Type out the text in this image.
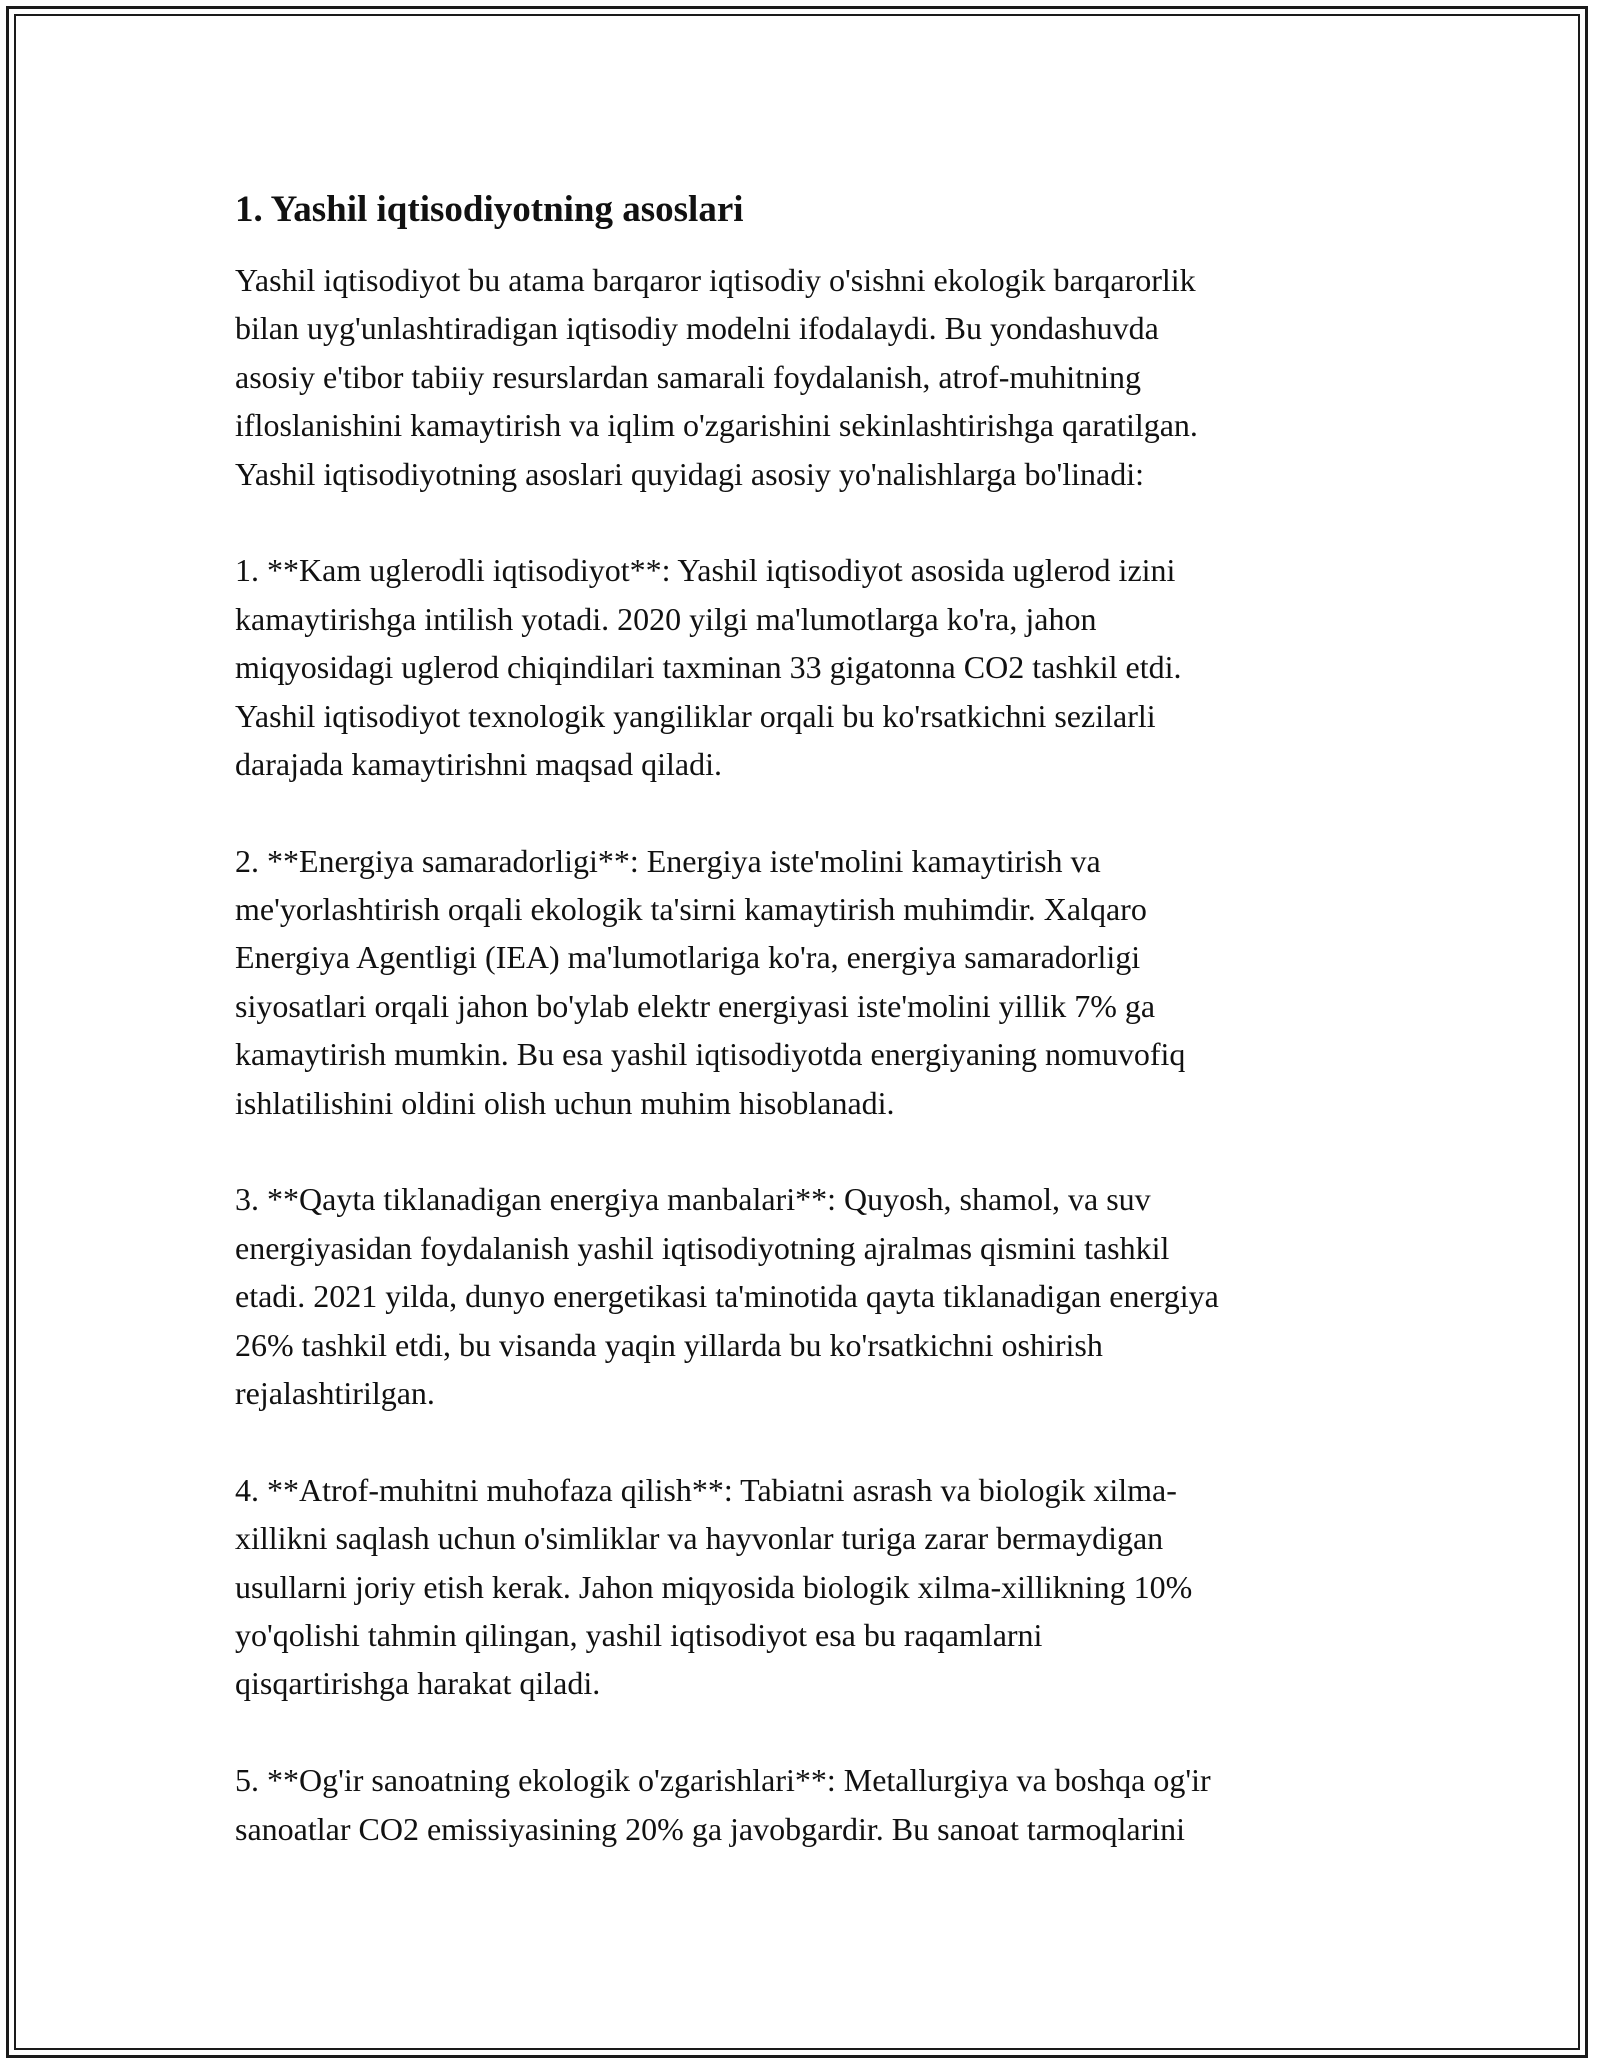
1. Yashil iqtisodiyotning asoslari
Yashil iqtisodiyot bu atama barqaror iqtisodiy o'sishni ekologik barqarorlik
bilan uyg'unlashtiradigan iqtisodiy modelni ifodalaydi. Bu yondashuvda
asosiy e'tibor tabiiy resurslardan samarali foydalanish, atrof-muhitning
ifloslanishini kamaytirish va iqlim o'zgarishini sekinlashtirishga qaratilgan.
Yashil iqtisodiyotning asoslari quyidagi asosiy yo'nalishlarga bo'linadi:
1. **Kam uglerodli iqtisodiyot**: Yashil iqtisodiyot asosida uglerod izini
kamaytirishga intilish yotadi. 2020 yilgi ma'lumotlarga ko'ra, jahon
miqyosidagi uglerod chiqindilari taxminan 33 gigatonna CO2 tashkil etdi.
Yashil iqtisodiyot texnologik yangiliklar orqali bu ko'rsatkichni sezilarli
darajada kamaytirishni maqsad qiladi.
2. **Energiya samaradorligi**: Energiya iste'molini kamaytirish va
me'yorlashtirish orqali ekologik ta'sirni kamaytirish muhimdir. Xalqaro
Energiya Agentligi (IEA) ma'lumotlariga ko'ra, energiya samaradorligi
siyosatlari orqali jahon bo'ylab elektr energiyasi iste'molini yillik 7% ga
kamaytirish mumkin. Bu esa yashil iqtisodiyotda energiyaning nomuvofiq
ishlatilishini oldini olish uchun muhim hisoblanadi.
3. **Qayta tiklanadigan energiya manbalari**: Quyosh, shamol, va suv
energiyasidan foydalanish yashil iqtisodiyotning ajralmas qismini tashkil
etadi. 2021 yilda, dunyo energetikasi ta'minotida qayta tiklanadigan energiya
26% tashkil etdi, bu visanda yaqin yillarda bu ko'rsatkichni oshirish
rejalashtirilgan.
4. **Atrof-muhitni muhofaza qilish**: Tabiatni asrash va biologik xilma-
xillikni saqlash uchun o'simliklar va hayvonlar turiga zarar bermaydigan
usullarni joriy etish kerak. Jahon miqyosida biologik xilma-xillikning 10%
yo'qolishi tahmin qilingan, yashil iqtisodiyot esa bu raqamlarni
qisqartirishga harakat qiladi.
5. **Og'ir sanoatning ekologik o'zgarishlari**: Metallurgiya va boshqa og'ir
sanoatlar CO2 emissiyasining 20% ga javobgardir. Bu sanoat tarmoqlarini
